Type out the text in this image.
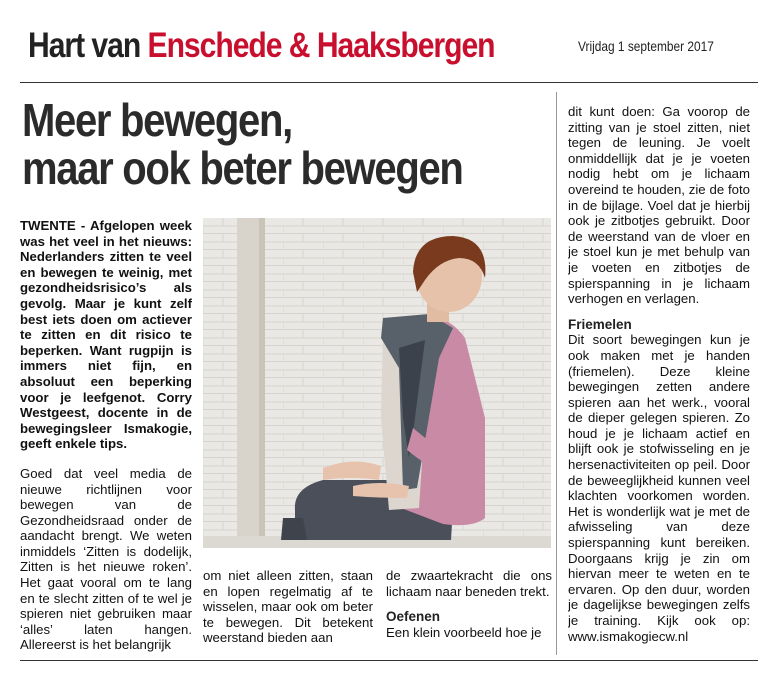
Hart van Enschede & Haaksbergen	Vrijdag 1 september 2017
Meer bewegen,
maar ook beter bewegen

TWENTE - Afgelopen week was het veel in het nieuws: Nederlanders zitten te veel en bewegen te weinig, met gezondheidsrisico’s als gevolg. Maar je kunt zelf best iets doen om actiever te zitten en dit risico te beperken. Want rugpijn is immers niet fijn, en absoluut een beperking voor je leefgenot. Corry Westgeest, docente in de bewegingsleer Ismakogie, geeft enkele tips.

Goed dat veel media de nieuwe richtlijnen voor bewegen van de Gezondheidsraad onder de aandacht brengt. We weten inmiddels ‘Zitten is dodelijk, Zitten is het nieuwe roken’. Het gaat vooral om te lang en te slecht zitten of te wel je spieren niet gebruiken maar ‘alles’ laten hangen. Allereerst is het belangrijk

om niet alleen zitten, staan en lopen regelmatig af te wisselen, maar ook om beter te bewegen. Dit betekent weerstand bieden aan

de zwaartekracht die ons lichaam naar beneden trekt.

Oefenen

Een klein voorbeeld hoe je

dit kunt doen: Ga voorop de zitting van je stoel zitten, niet tegen de leuning. Je voelt onmiddellijk dat je je voeten nodig hebt om je lichaam overeind te houden, zie de foto in de bijlage. Voel dat je hierbij ook je zitbotjes gebruikt. Door de weerstand van de vloer en je stoel kun je met behulp van je voeten en zitbotjes de spierspanning in je lichaam verhogen en verlagen.

Friemelen

Dit soort bewegingen kun je ook maken met je handen (friemelen). Deze kleine bewegingen zetten andere spieren aan het werk., vooral de dieper gelegen spieren. Zo houd je je lichaam actief en blijft ook je stofwisseling en je hersenactiviteiten op peil. Door de beweeglijkheid kunnen veel klachten voorkomen worden. Het is wonderlijk wat je met de afwisseling van deze spierspanning kunt bereiken. Doorgaans krijg je zin om hiervan meer te weten en te ervaren. Op den duur, worden je dagelijkse bewegingen zelfs je training. Kijk ook op: www.ismakogiecw.nl
